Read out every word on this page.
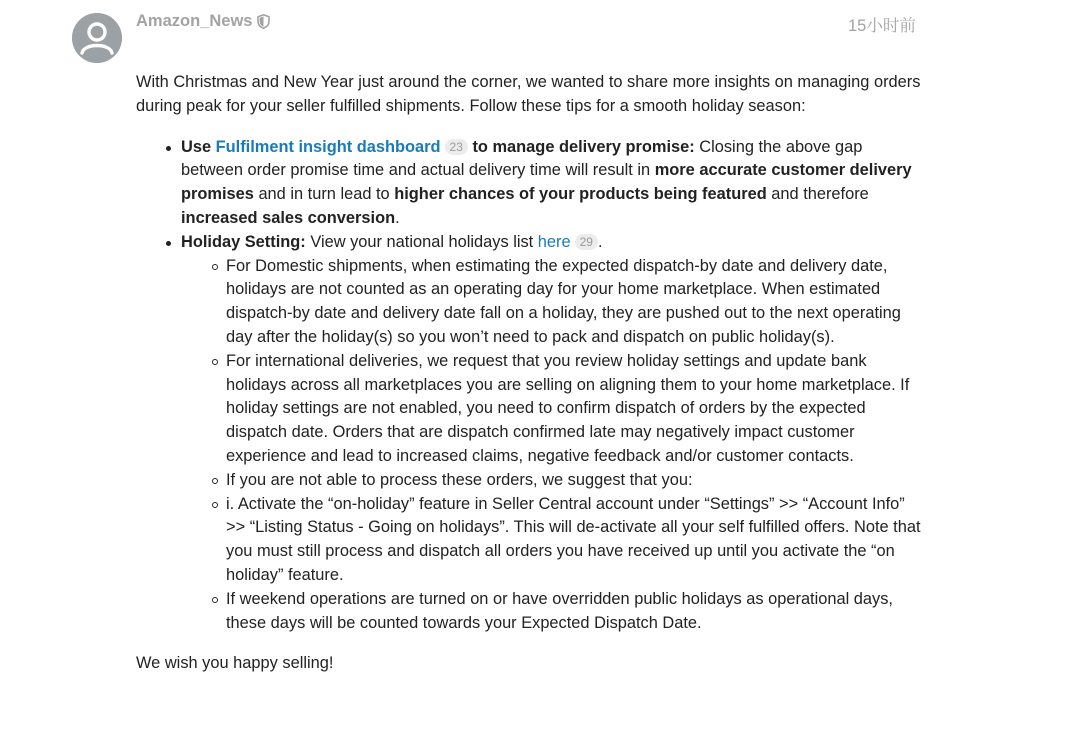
Amazon_News	15小时前

With Christmas and New Year just around the corner, we wanted to share more insights on managing orders during peak for your seller fulfilled shipments. Follow these tips for a smooth holiday season:

Use Fulfilment insight dashboard 23 to manage delivery promise: Closing the above gap between order promise time and actual delivery time will result in more accurate customer delivery promises and in turn lead to higher chances of your products being featured and therefore increased sales conversion.
Holiday Setting: View your national holidays list here 29 .
For Domestic shipments, when estimating the expected dispatch-by date and delivery date, holidays are not counted as an operating day for your home marketplace. When estimated dispatch-by date and delivery date fall on a holiday, they are pushed out to the next operating day after the holiday(s) so you won’t need to pack and dispatch on public holiday(s).
For international deliveries, we request that you review holiday settings and update bank holidays across all marketplaces you are selling on aligning them to your home marketplace. If holiday settings are not enabled, you need to confirm dispatch of orders by the expected dispatch date. Orders that are dispatch confirmed late may negatively impact customer experience and lead to increased claims, negative feedback and/or customer contacts.
If you are not able to process these orders, we suggest that you:
i. Activate the “on-holiday” feature in Seller Central account under “Settings” >> “Account Info” >> “Listing Status - Going on holidays”. This will de-activate all your self fulfilled offers. Note that you must still process and dispatch all orders you have received up until you activate the “on holiday” feature.
If weekend operations are turned on or have overridden public holidays as operational days, these days will be counted towards your Expected Dispatch Date.

We wish you happy selling!
